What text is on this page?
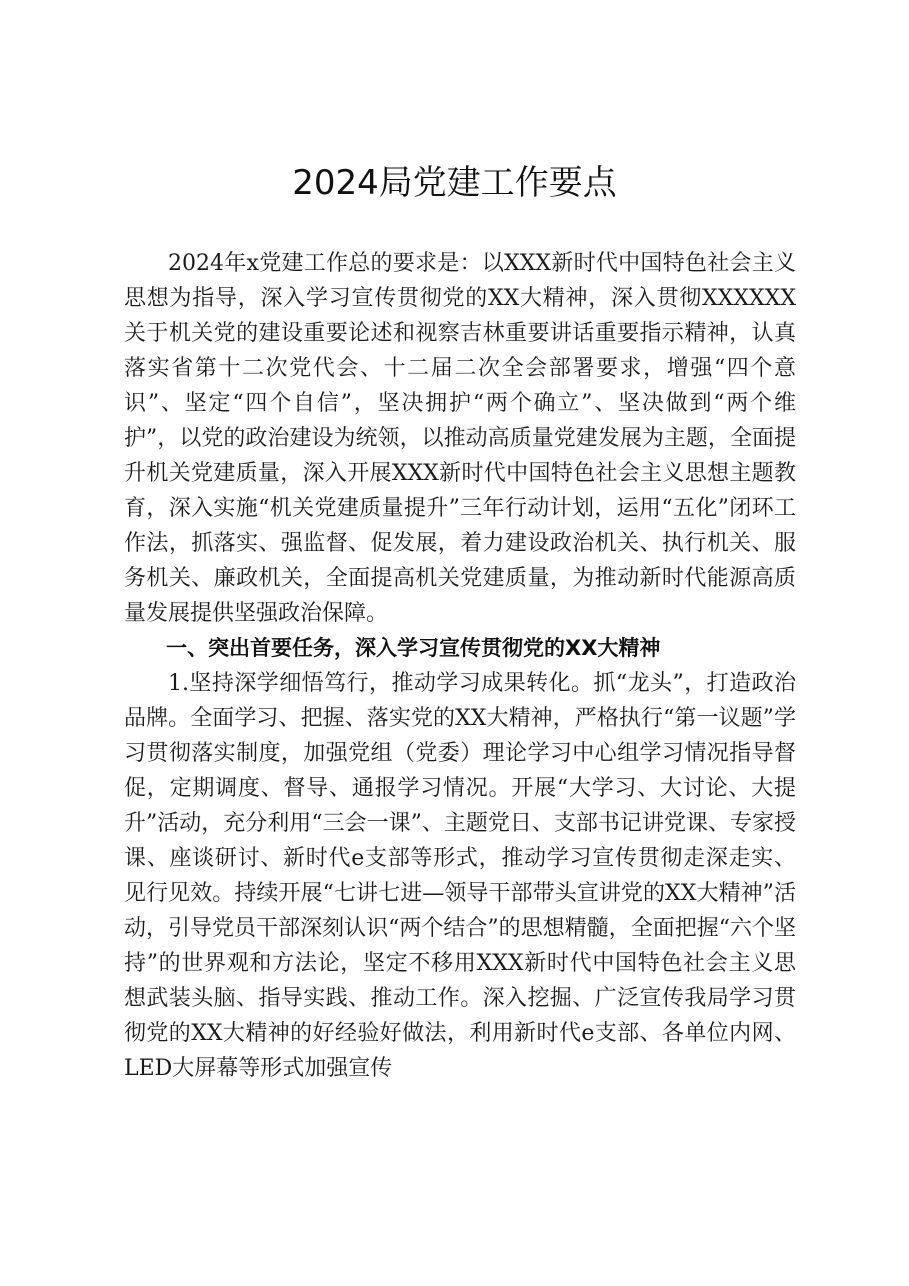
2024局党建工作要点

2024年x党建工作总的要求是：以XXX新时代中国特色社会主义思想为指导，深入学习宣传贯彻党的XX大精神，深入贯彻XXXXXX关于机关党的建设重要论述和视察吉林重要讲话重要指示精神，认真落实省第十二次党代会、十二届二次全会部署要求，增强“四个意识”、坚定“四个自信”，坚决拥护“两个确立”、坚决做到“两个维护”，以党的政治建设为统领，以推动高质量党建发展为主题，全面提升机关党建质量，深入开展XXX新时代中国特色社会主义思想主题教育，深入实施“机关党建质量提升”三年行动计划，运用“五化”闭环工作法，抓落实、强监督、促发展，着力建设政治机关、执行机关、服务机关、廉政机关，全面提高机关党建质量，为推动新时代能源高质量发展提供坚强政治保障。

一、突出首要任务，深入学习宣传贯彻党的XX大精神

1.坚持深学细悟笃行，推动学习成果转化。抓“龙头”，打造政治品牌。全面学习、把握、落实党的XX大精神，严格执行“第一议题”学习贯彻落实制度，加强党组（党委）理论学习中心组学习情况指导督促，定期调度、督导、通报学习情况。开展“大学习、大讨论、大提升”活动，充分利用“三会一课”、主题党日、支部书记讲党课、专家授课、座谈研讨、新时代e支部等形式，推动学习宣传贯彻走深走实、见行见效。持续开展“七讲七进—领导干部带头宣讲党的XX大精神”活动，引导党员干部深刻认识“两个结合”的思想精髓，全面把握“六个坚持”的世界观和方法论，坚定不移用XXX新时代中国特色社会主义思想武装头脑、指导实践、推动工作。深入挖掘、广泛宣传我局学习贯彻党的XX大精神的好经验好做法，利用新时代e支部、各单位内网、LED大屏幕等形式加强宣传
